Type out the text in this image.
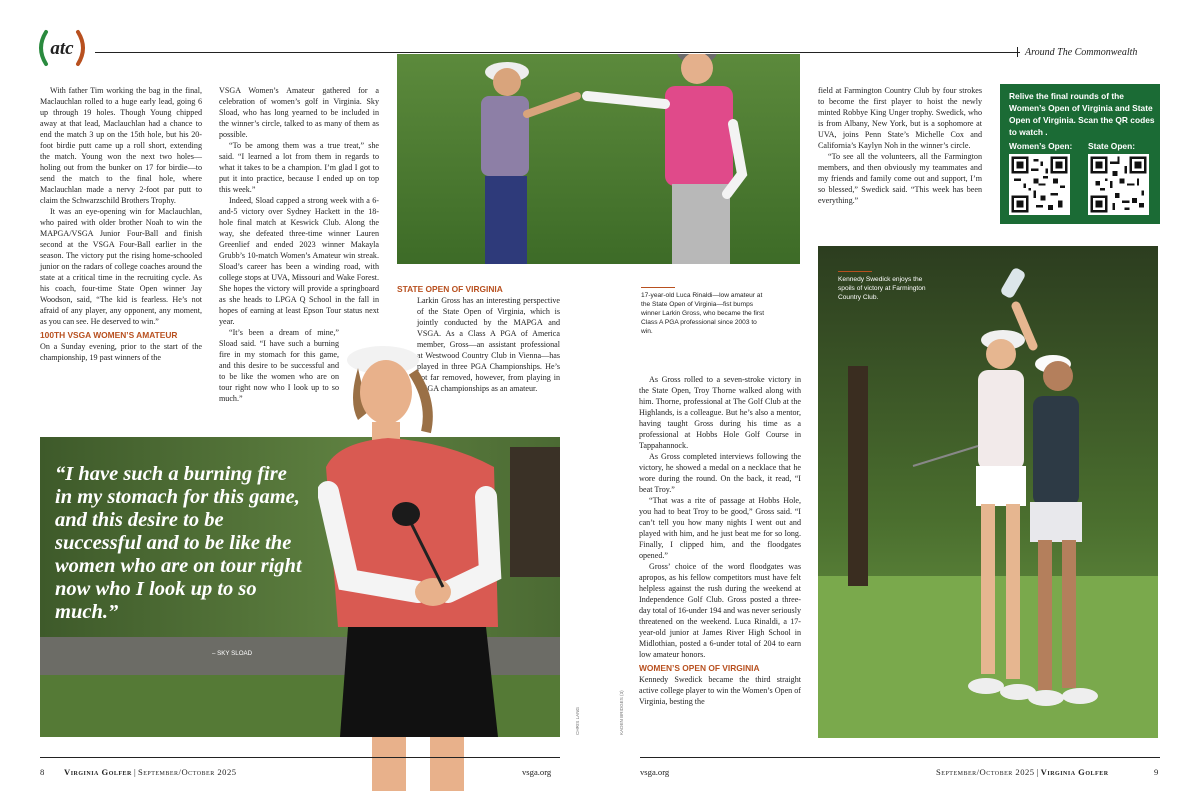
atc	Around The Commonwealth

With father Tim working the bag in the final, Maclauchlan rolled to a huge early lead, going 6 up through 19 holes. Though Young chipped away at that lead, Maclauchlan had a chance to end the match 3 up on the 15th hole, but his 20-foot birdie putt came up a roll short, extending the match. Young won the next two holes—holing out from the bunker on 17 for birdie—to send the match to the final hole, where Maclauchlan made a nervy 2-foot par putt to claim the Schwarzschild Brothers Trophy.

It was an eye-opening win for Maclauchlan, who paired with older brother Noah to win the MAPGA/VSGA Junior Four-Ball and finish second at the VSGA Four-Ball earlier in the season. The victory put the rising home-schooled junior on the radars of college coaches around the state at a critical time in the recruiting cycle. As his coach, four-time State Open winner Jay Woodson, said, “The kid is fearless. He’s not afraid of any player, any opponent, any moment, as you can see. He deserved to win.”

100TH VSGA WOMEN’S AMATEUR

On a Sunday evening, prior to the start of the championship, 19 past winners of the

VSGA Women’s Amateur gathered for a celebration of women’s golf in Virginia. Sky Sload, who has long yearned to be included in the winner’s circle, talked to as many of them as possible.

“To be among them was a true treat,” she said. “I learned a lot from them in regards to what it takes to be a champion. I’m glad I got to put it into practice, because I ended up on top this week.”

Indeed, Sload capped a strong week with a 6-and-5 victory over Sydney Hackett in the 18-hole final match at Keswick Club. Along the way, she defeated three-time winner Lauren Greenlief and ended 2023 winner Makayla Grubb’s 10-match Women’s Amateur win streak. Sload’s career has been a winding road, with college stops at UVA, Missouri and Wake Forest. She hopes the victory will provide a springboard as she heads to LPGA Q School in the fall in hopes of earning at least Epson Tour status next year.

“It’s been a dream of mine,” Sload said. “I have such a burning fire in my stomach for this game, and this desire to be successful and to be like the women who are on tour right now who I look up to so much.”

STATE OPEN OF VIRGINIA

Larkin Gross has an interesting perspective of the State Open of Virginia, which is jointly conducted by the MAPGA and VSGA. As a Class A PGA of America member, Gross—an assistant professional at Westwood Country Club in Vienna—has played in three PGA Championships. He’s not far removed, however, from playing in VSGA championships as an amateur.

17-year-old Luca Rinaldi—low amateur at the State Open of Virginia—fist bumps winner Larkin Gross, who became the first Class A PGA professional since 2003 to win.

As Gross rolled to a seven-stroke victory in the State Open, Troy Thorne walked along with him. Thorne, professional at The Golf Club at the Highlands, is a colleague. But he’s also a mentor, having taught Gross during his time as a professional at Hobbs Hole Golf Course in Tappahannock.

As Gross completed interviews following the victory, he showed a medal on a necklace that he wore during the round. On the back, it read, “I beat Troy.”

“That was a rite of passage at Hobbs Hole, you had to beat Troy to be good,” Gross said. “I can’t tell you how many nights I went out and played with him, and he just beat me for so long. Finally, I clipped him, and the floodgates opened.”

Gross’ choice of the word floodgates was apropos, as his fellow competitors must have felt helpless against the rush during the weekend at Independence Golf Club. Gross posted a three-day total of 16-under 194 and was never seriously threatened on the weekend. Luca Rinaldi, a 17-year-old junior at James River High School in Midlothian, posted a 6-under total of 204 to earn low amateur honors.

WOMEN’S OPEN OF VIRGINIA

Kennedy Swedick became the third straight active college player to win the Women’s Open of Virginia, besting the

field at Farmington Country Club by four strokes to become the first player to hoist the newly minted Robbye King Unger trophy. Swedick, who is from Albany, New York, but is a sophomore at UVA, joins Penn State’s Michelle Cox and California’s Kaylyn Noh in the winner’s circle.

“To see all the volunteers, all the Farmington members, and then obviously my teammates and my friends and family come out and support, I’m so blessed,” Swedick said. “This week has been everything.”

Relive the final rounds of the Women’s Open of Virginia and State Open of Virginia. Scan the QR codes to watch .
Women’s Open: State Open:
Kennedy Swedick enjoys the spoils of victory at Farmington Country Club.
“I have such a burning fire in my stomach for this game, and this desire to be successful and to be like the women who are on tour right now who I look up to so much.”
– SKY SLOAD
CHRIS LANG	KADEN BRIDGES (3)
8 Virginia Golfer | September/October 2025	vsga.org	vsga.org	September/October 2025 | Virginia Golfer	9
